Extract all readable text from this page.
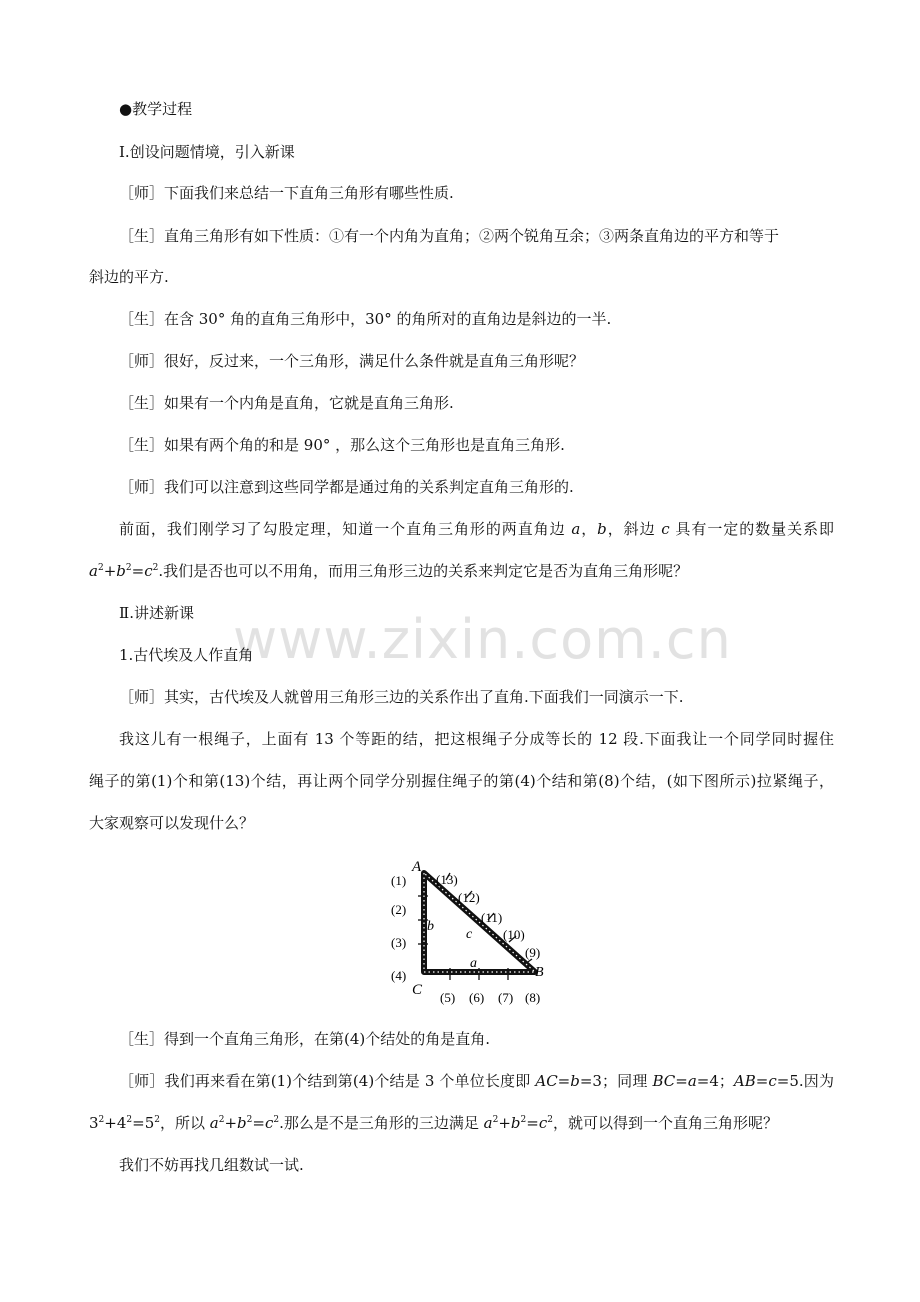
www.zixin.com.cn

●教学过程

Ⅰ.创设问题情境，引入新课

［师］下面我们来总结一下直角三角形有哪些性质.

［生］直角三角形有如下性质：①有一个内角为直角；②两个锐角互余；③两条直角边的平方和等于

斜边的平方.

［生］在含 30° 角的直角三角形中，30° 的角所对的直角边是斜边的一半.

［师］很好，反过来，一个三角形，满足什么条件就是直角三角形呢？

［生］如果有一个内角是直角，它就是直角三角形.

［生］如果有两个角的和是 90° ，那么这个三角形也是直角三角形.

［师］我们可以注意到这些同学都是通过角的关系判定直角三角形的.

前面，我们刚学习了勾股定理，知道一个直角三角形的两直角边 a，b，斜边 c 具有一定的数量关系即

$a^2+b^2=c^2$.我们是否也可以不用角，而用三角形三边的关系来判定它是否为直角三角形呢？

Ⅱ.讲述新课

1.古代埃及人作直角

［师］其实，古代埃及人就曾用三角形三边的关系作出了直角.下面我们一同演示一下.

我这儿有一根绳子，上面有 13 个等距的结，把这根绳子分成等长的 12 段.下面我让一个同学同时握住

绳子的第(1)个和第(13)个结，再让两个同学分别握住绳子的第(4)个结和第(8)个结，(如下图所示)拉紧绳子，

大家观察可以发现什么？

A
B
C
a
b
c
(1)
(2)
(3)
(4)
(5) (6) (7) (8)
(9)
(10)
(11)
(12)
(13)

［生］得到一个直角三角形，在第(4)个结处的角是直角.

［师］我们再来看在第(1)个结到第(4)个结是 3 个单位长度即 AC=b=3；同理 BC=a=4；AB=c=5.因为

$3^2+4^2=5^2$，所以 $a^2+b^2=c^2$.那么是不是三角形的三边满足 $a^2+b^2=c^2$，就可以得到一个直角三角形呢？

我们不妨再找几组数试一试.
